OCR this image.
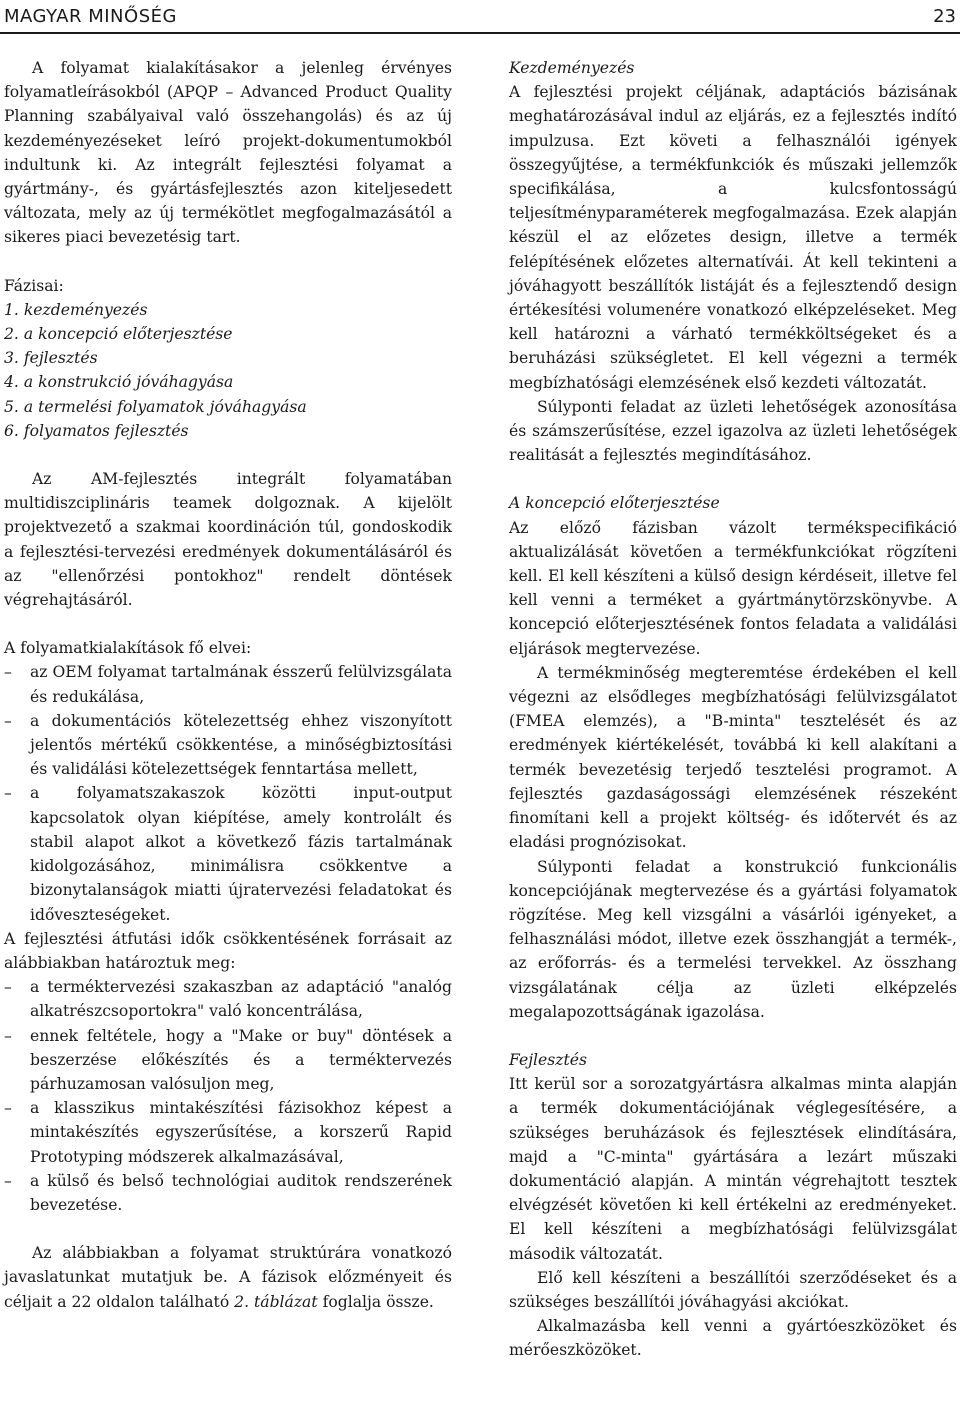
MAGYAR MINŐSÉG	23

A folyamat kialakításakor a jelenleg érvényes folyamatleírásokból (APQP – Advanced Product Quality Planning szabályaival való összehangolás) és az új kezdeményezéseket leíró projekt-dokumentumokból indultunk ki. Az integrált fejlesztési folyamat a gyártmány-, és gyártásfejlesztés azon kiteljesedett változata, mely az új termékötlet megfogalmazásától a sikeres piaci bevezetésig tart.

Fázisai:

1. kezdeményezés
2. a koncepció előterjesztése
3. fejlesztés
4. a konstrukció jóváhagyása
5. a termelési folyamatok jóváhagyása
6. folyamatos fejlesztés

Az AM-fejlesztés integrált folyamatában multidiszciplináris teamek dolgoznak. A kijelölt projektvezető a szakmai koordináción túl, gondoskodik a fejlesztési-tervezési eredmények dokumentálásáról és az "ellenőrzési pontokhoz" rendelt döntések végrehajtásáról.

A folyamatkialakítások fő elvei:

– az OEM folyamat tartalmának ésszerű felülvizsgálata és redukálása,
– a dokumentációs kötelezettség ehhez viszonyított jelentős mértékű csökkentése, a minőségbiztosítási és validálási kötelezettségek fenntartása mellett,
– a folyamatszakaszok közötti input-output kapcsolatok olyan kiépítése, amely kontrolált és stabil alapot alkot a következő fázis tartalmának kidolgozásához, minimálisra csökkentve a bizonytalanságok miatti újratervezési feladatokat és időveszteségeket.

A fejlesztési átfutási idők csökkentésének forrásait az alábbiakban határoztuk meg:

– a terméktervezési szakaszban az adaptáció "analóg alkatrészcsoportokra" való koncentrálása,
– ennek feltétele, hogy a "Make or buy" döntések a beszerzése előkészítés és a terméktervezés párhuzamosan valósuljon meg,
– a klasszikus mintakészítési fázisokhoz képest a mintakészítés egyszerűsítése, a korszerű Rapid Prototyping módszerek alkalmazásával,
– a külső és belső technológiai auditok rendszerének bevezetése.

Az alábbiakban a folyamat struktúrára vonatkozó javaslatunkat mutatjuk be. A fázisok előzményeit és céljait a 22 oldalon található 2. táblázat foglalja össze.

Kezdeményezés

A fejlesztési projekt céljának, adaptációs bázisának meghatározásával indul az eljárás, ez a fejlesztés indító impulzusa. Ezt követi a felhasználói igények összegyűjtése, a termékfunkciók és műszaki jellemzők specifikálása, a kulcsfontosságú teljesítményparaméterek megfogalmazása. Ezek alapján készül el az előzetes design, illetve a termék felépítésének előzetes alternatívái. Át kell tekinteni a jóváhagyott beszállítók listáját és a fejlesztendő design értékesítési volumenére vonatkozó elképzeléseket. Meg kell határozni a várható termékköltségeket és a beruházási szükségletet. El kell végezni a termék megbízhatósági elemzésének első kezdeti változatát.

Súlyponti feladat az üzleti lehetőségek azonosítása és számszerűsítése, ezzel igazolva az üzleti lehetőségek realitását a fejlesztés megindításához.

A koncepció előterjesztése

Az előző fázisban vázolt termékspecifikáció aktualizálását követően a termékfunkciókat rögzíteni kell. El kell készíteni a külső design kérdéseit, illetve fel kell venni a terméket a gyártmánytörzskönyvbe. A koncepció előterjesztésének fontos feladata a validálási eljárások megtervezése.

A termékminőség megteremtése érdekében el kell végezni az elsődleges megbízhatósági felülvizsgálatot (FMEA elemzés), a "B-minta" tesztelését és az eredmények kiértékelését, továbbá ki kell alakítani a termék bevezetésig terjedő tesztelési programot. A fejlesztés gazdaságossági elemzésének részeként finomítani kell a projekt költség- és időtervét és az eladási prognózisokat.

Súlyponti feladat a konstrukció funkcionális koncepciójának megtervezése és a gyártási folyamatok rögzítése. Meg kell vizsgálni a vásárlói igényeket, a felhasználási módot, illetve ezek összhangját a termék-, az erőforrás- és a termelési tervekkel. Az összhang vizsgálatának célja az üzleti elképzelés megalapozottságának igazolása.

Fejlesztés

Itt kerül sor a sorozatgyártásra alkalmas minta alapján a termék dokumentációjának véglegesítésére, a szükséges beruházások és fejlesztések elindítására, majd a "C-minta" gyártására a lezárt műszaki dokumentáció alapján. A mintán végrehajtott tesztek elvégzését követően ki kell értékelni az eredményeket. El kell készíteni a megbízhatósági felülvizsgálat második változatát.

Elő kell készíteni a beszállítói szerződéseket és a szükséges beszállítói jóváhagyási akciókat.

Alkalmazásba kell venni a gyártóeszközöket és mérőeszközöket.
